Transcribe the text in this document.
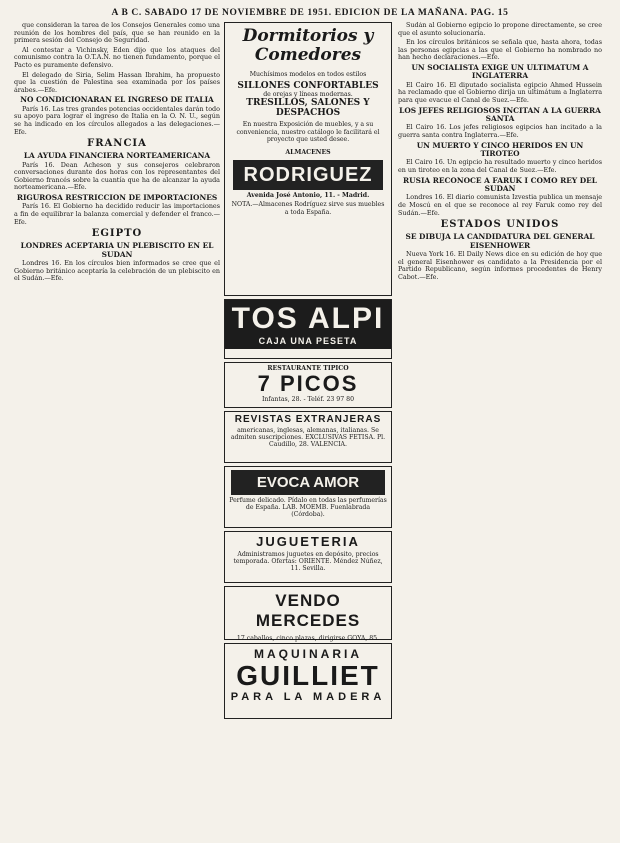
A B C. SABADO 17 DE NOVIEMBRE DE 1951. EDICION DE LA MAÑANA. PAG. 15

que consideran la tarea de los Consejos Generales como una reunión de los hombres del país, que se han reunido en la primera sesión del Consejo de Seguridad.

Al contestar a Vichinsky, Eden dijo que los ataques del comunismo contra la O.T.A.N. no tienen fundamento, porque el Pacto es puramente defensivo.

El delegado de Siria, Selim Hassan Ibrahim, ha propuesto que la cuestión de Palestina sea examinada por los países árabes.—Efe.

NO CONDICIONARAN EL INGRESO DE ITALIA

París 16. Las tres grandes potencias occidentales darán todo su apoyo para lograr el ingreso de Italia en la O. N. U., según se ha indicado en los círculos allegados a las delegaciones.—Efe.

FRANCIA
LA AYUDA FINANCIERA NORTEAMERICANA

París 16. Dean Acheson y sus consejeros celebraron conversaciones durante dos horas con los representantes del Gobierno francés sobre la cuantía que ha de alcanzar la ayuda norteamericana.—Efe.

RIGUROSA RESTRICCION DE IMPORTACIONES

París 16. El Gobierno ha decidido reducir las importaciones a fin de equilibrar la balanza comercial y defender el franco.—Efe.

EGIPTO
LONDRES ACEPTARIA UN PLEBISCITO EN EL SUDAN

Londres 16. En los círculos bien informados se cree que el Gobierno británico aceptaría la celebración de un plebiscito en el Sudán.—Efe.

Dormitorios y Comedores
Muchísimos modelos en todos estilos
SILLONES CONFORTABLES
de orejas y líneas modernas.
TRESILLOS, SALONES Y DESPACHOS
En nuestra Exposición de muebles, y a su conveniencia, nuestro catálogo le facilitará el proyecto que usted desee.
ALMACENES
RODRIGUEZ
Avenida José Antonio, 11. - Madrid.
NOTA.—Almacenes Rodríguez sirve sus muebles a toda España.
TOS ALPI
CAJA UNA PESETA
RESTAURANTE TIPICO
7 PICOS
Infantas, 28. - Teléf. 23 97 80
REVISTAS EXTRANJERAS
americanas, inglesas, alemanas, italianas. Se admiten suscripciones. EXCLUSIVAS FETISA. Pl. Caudillo, 28. VALENCIA.
EVOCA AMOR
Perfume delicado. Pídalo en todas las perfumerías de España. LAB. MOEMB. Fuenlabrada (Córdoba).
JUGUETERIA
Administramos juguetes en depósito, precios temporada. Ofertas: ORIENTE. Méndez Núñez, 11. Sevilla.
VENDO MERCEDES
17 caballos, cinco plazas, dirigirse GOYA, 85.
MAQUINARIA
GUILLIET
PARA LA MADERA

Sudán al Gobierno egipcio lo propone directamente, se cree que el asunto solucionaría.

En los círculos británicos se señala que, hasta ahora, todas las personas egipcias a las que el Gobierno ha nombrado no han hecho declaraciones.—Efe.

UN SOCIALISTA EXIGE UN ULTIMATUM A INGLATERRA

El Cairo 16. El diputado socialista egipcio Ahmed Hussein ha reclamado que el Gobierno dirija un ultimátum a Inglaterra para que evacue el Canal de Suez.—Efe.

LOS JEFES RELIGIOSOS INCITAN A LA GUERRA SANTA

El Cairo 16. Los jefes religiosos egipcios han incitado a la guerra santa contra Inglaterra.—Efe.

UN MUERTO Y CINCO HERIDOS EN UN TIROTEO

El Cairo 16. Un egipcio ha resultado muerto y cinco heridos en un tiroteo en la zona del Canal de Suez.—Efe.

RUSIA RECONOCE A FARUK I COMO REY DEL SUDAN

Londres 16. El diario comunista Izvestia publica un mensaje de Moscú en el que se reconoce al rey Faruk como rey del Sudán.—Efe.

ESTADOS UNIDOS
SE DIBUJA LA CANDIDATURA DEL GENERAL EISENHOWER

Nueva York 16. El Daily News dice en su edición de hoy que el general Eisenhower es candidato a la Presidencia por el Partido Republicano, según informes procedentes de Henry Cabot.—Efe.
